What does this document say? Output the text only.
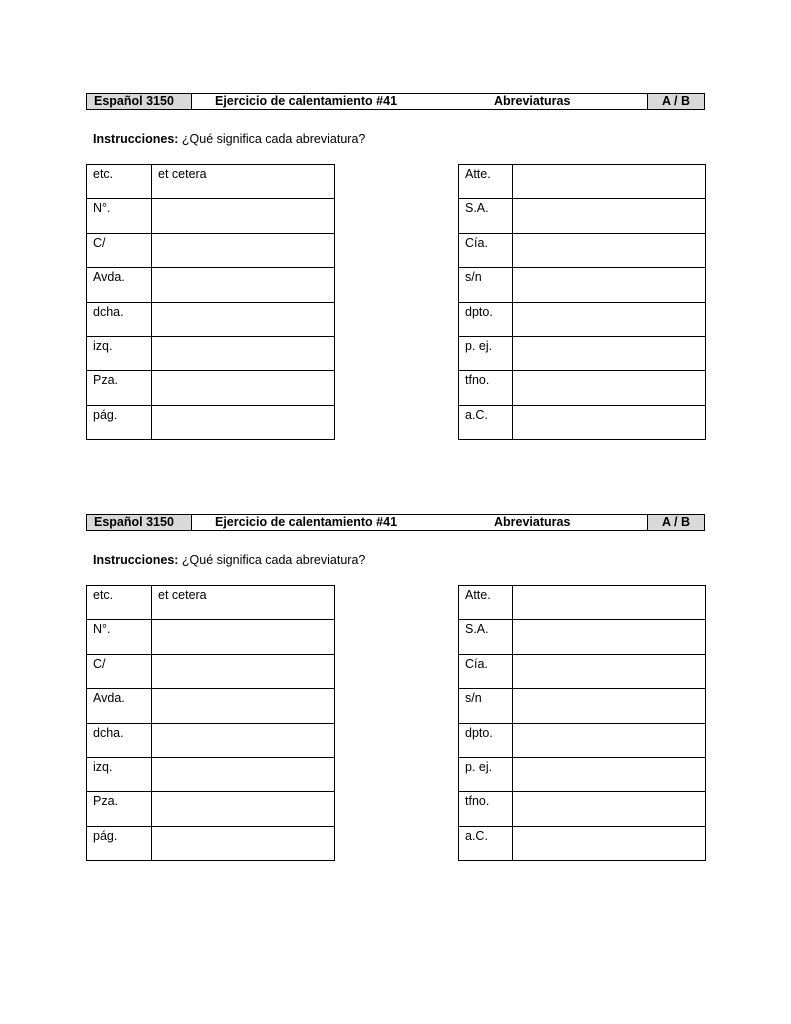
Español 3150	Ejercicio de calentamiento #41	Abreviaturas	A / B
Instrucciones: ¿Qué significa cada abreviatura?
etc.	et cetera
N°.	
C/	
Avda.	
dcha.	
izq.	
Pza.	
pág.	
Atte.	
S.A.	
Cía.	
s/n	
dpto.	
p. ej.	
tfno.	
a.C.	
Español 3150	Ejercicio de calentamiento #41	Abreviaturas	A / B
Instrucciones: ¿Qué significa cada abreviatura?
etc.	et cetera
N°.	
C/	
Avda.	
dcha.	
izq.	
Pza.	
pág.	
Atte.	
S.A.	
Cía.	
s/n	
dpto.	
p. ej.	
tfno.	
a.C.	
